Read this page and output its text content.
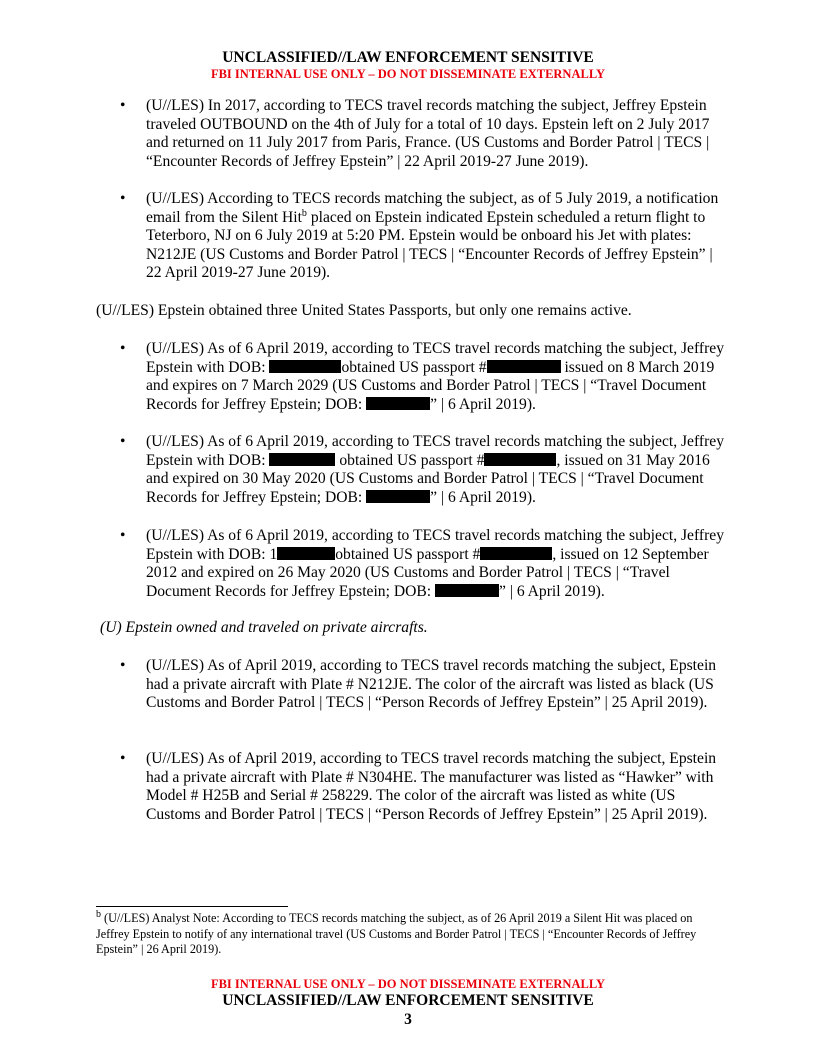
UNCLASSIFIED//LAW ENFORCEMENT SENSITIVE
FBI INTERNAL USE ONLY – DO NOT DISSEMINATE EXTERNALLY
• (U//LES) In 2017, according to TECS travel records matching the subject, Jeffrey Epstein traveled OUTBOUND on the 4th of July for a total of 10 days. Epstein left on 2 July 2017 and returned on 11 July 2017 from Paris, France. (US Customs and Border Patrol | TECS | “Encounter Records of Jeffrey Epstein” | 22 April 2019-27 June 2019).
• (U//LES) According to TECS records matching the subject, as of 5 July 2019, a notification email from the Silent Hit$^b$ placed on Epstein indicated Epstein scheduled a return flight to Teterboro, NJ on 6 July 2019 at 5:20 PM. Epstein would be onboard his Jet with plates: N212JE (US Customs and Border Patrol | TECS | “Encounter Records of Jeffrey Epstein” | 22 April 2019-27 June 2019).
(U//LES) Epstein obtained three United States Passports, but only one remains active.
• (U//LES) As of 6 April 2019, according to TECS travel records matching the subject, Jeffrey Epstein with DOB:	obtained US passport #	issued on 8 March 2019 and expires on 7 March 2029 (US Customs and Border Patrol | TECS | “Travel Document Records for Jeffrey Epstein; DOB:	” | 6 April 2019).
• (U//LES) As of 6 April 2019, according to TECS travel records matching the subject, Jeffrey Epstein with DOB:	obtained US passport #	, issued on 31 May 2016 and expired on 30 May 2020 (US Customs and Border Patrol | TECS | “Travel Document Records for Jeffrey Epstein; DOB:	” | 6 April 2019).
• (U//LES) As of 6 April 2019, according to TECS travel records matching the subject, Jeffrey Epstein with DOB: 1	obtained US passport #	, issued on 12 September 2012 and expired on 26 May 2020 (US Customs and Border Patrol | TECS | “Travel Document Records for Jeffrey Epstein; DOB:	” | 6 April 2019).
(U) Epstein owned and traveled on private aircrafts.
• (U//LES) As of April 2019, according to TECS travel records matching the subject, Epstein had a private aircraft with Plate # N212JE. The color of the aircraft was listed as black (US Customs and Border Patrol | TECS | “Person Records of Jeffrey Epstein” | 25 April 2019).
• (U//LES) As of April 2019, according to TECS travel records matching the subject, Epstein had a private aircraft with Plate # N304HE. The manufacturer was listed as “Hawker” with Model # H25B and Serial # 258229. The color of the aircraft was listed as white (US Customs and Border Patrol | TECS | “Person Records of Jeffrey Epstein” | 25 April 2019).
$^b$ (U//LES) Analyst Note: According to TECS records matching the subject, as of 26 April 2019 a Silent Hit was placed on Jeffrey Epstein to notify of any international travel (US Customs and Border Patrol | TECS | “Encounter Records of Jeffrey Epstein” | 26 April 2019).
FBI INTERNAL USE ONLY – DO NOT DISSEMINATE EXTERNALLY
UNCLASSIFIED//LAW ENFORCEMENT SENSITIVE
3
